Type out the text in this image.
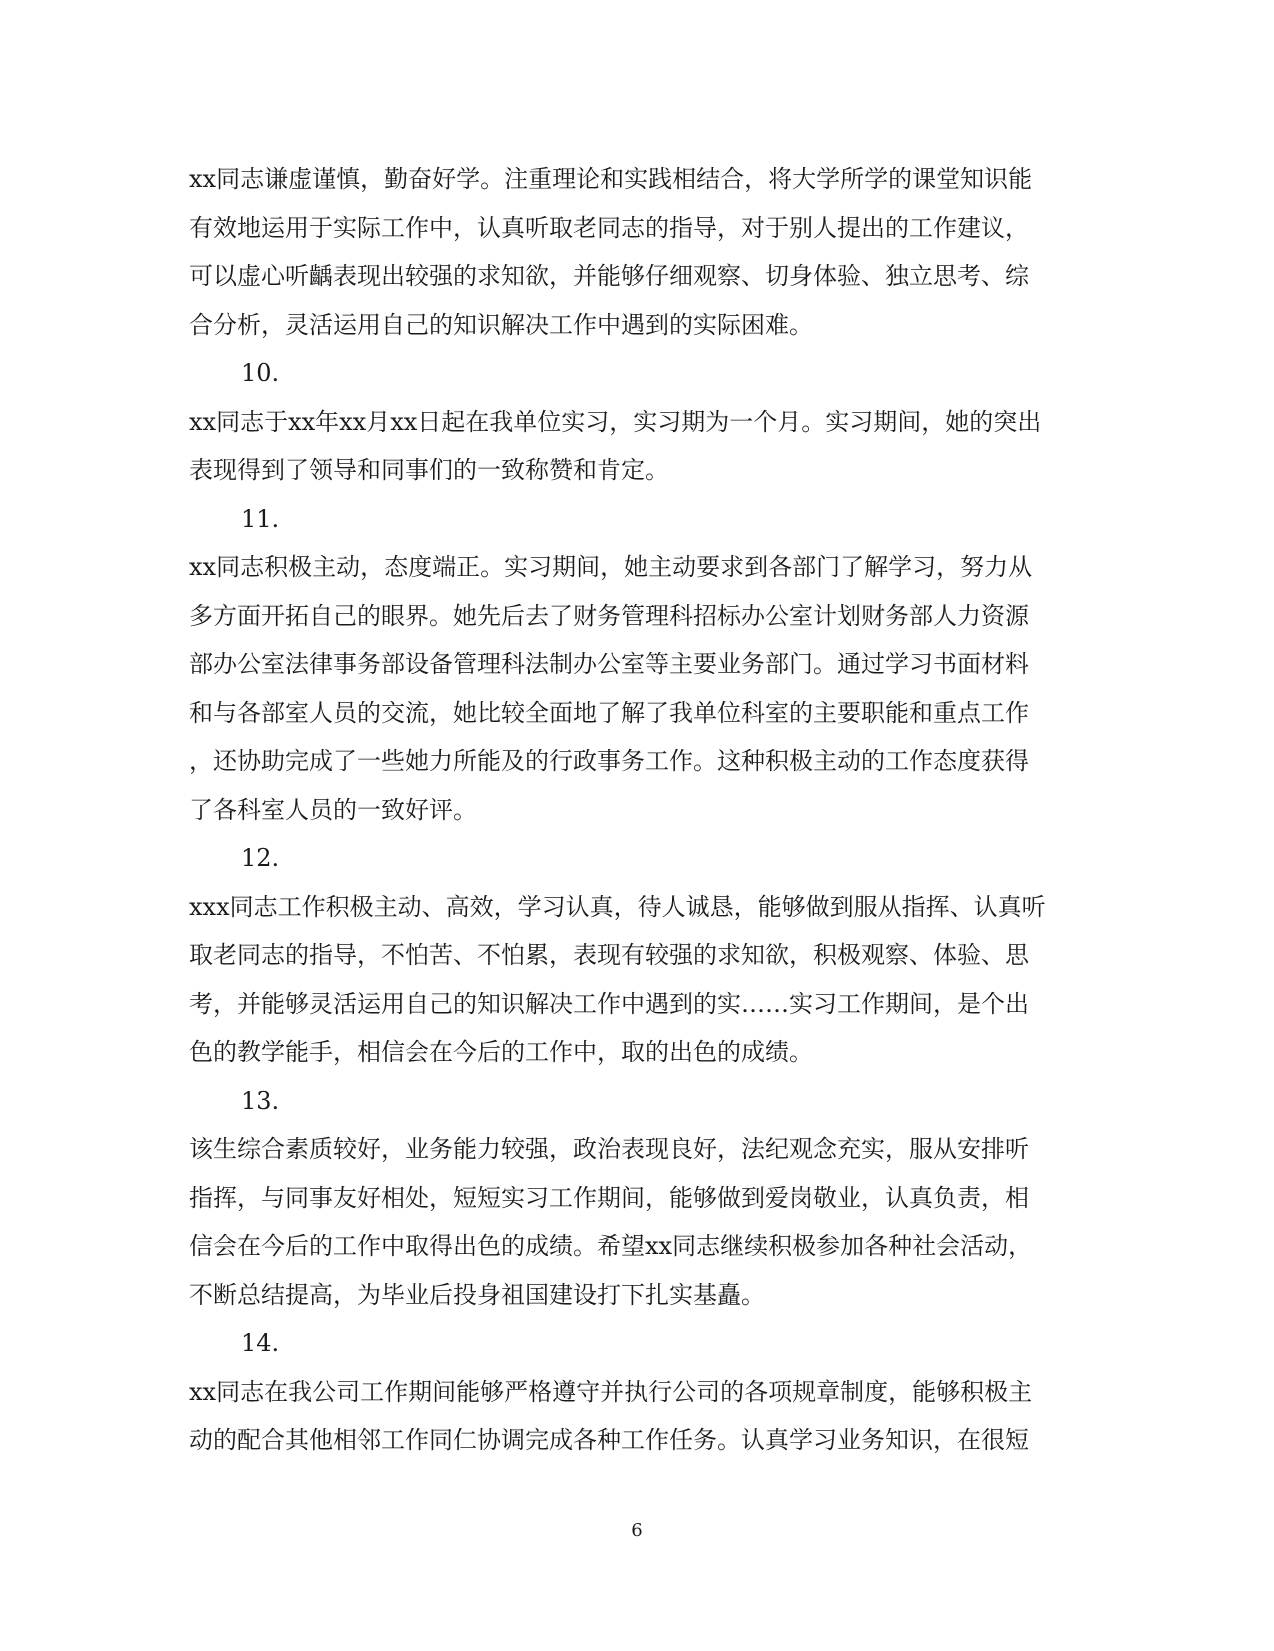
xx同志谦虚谨慎，勤奋好学。注重理论和实践相结合，将大学所学的课堂知识能
有效地运用于实际工作中，认真听取老同志的指导，对于别人提出的工作建议，
可以虚心听齲表现出较强的求知欲，并能够仔细观察、切身体验、独立思考、综
合分析，灵活运用自己的知识解决工作中遇到的实际困难。
10.
xx同志于xx年xx月xx日起在我单位实习，实习期为一个月。实习期间，她的突出
表现得到了领导和同事们的一致称赞和肯定。
11.
xx同志积极主动，态度端正。实习期间，她主动要求到各部门了解学习，努力从
多方面开拓自己的眼界。她先后去了财务管理科招标办公室计划财务部人力资源
部办公室法律事务部设备管理科法制办公室等主要业务部门。通过学习书面材料
和与各部室人员的交流，她比较全面地了解了我单位科室的主要职能和重点工作
，还协助完成了一些她力所能及的行政事务工作。这种积极主动的工作态度获得
了各科室人员的一致好评。
12.
xxx同志工作积极主动、高效，学习认真，待人诚恳，能够做到服从指挥、认真听
取老同志的指导，不怕苦、不怕累，表现有较强的求知欲，积极观察、体验、思
考，并能够灵活运用自己的知识解决工作中遇到的实……实习工作期间，是个出
色的教学能手，相信会在今后的工作中，取的出色的成绩。
13.
该生综合素质较好，业务能力较强，政治表现良好，法纪观念充实，服从安排听
指挥，与同事友好相处，短短实习工作期间，能够做到爱岗敬业，认真负责，相
信会在今后的工作中取得出色的成绩。希望xx同志继续积极参加各种社会活动，
不断总结提高，为毕业后投身祖国建设打下扎实基矗。
14.
xx同志在我公司工作期间能够严格遵守并执行公司的各项规章制度，能够积极主
动的配合其他相邻工作同仁协调完成各种工作任务。认真学习业务知识，在很短
6
